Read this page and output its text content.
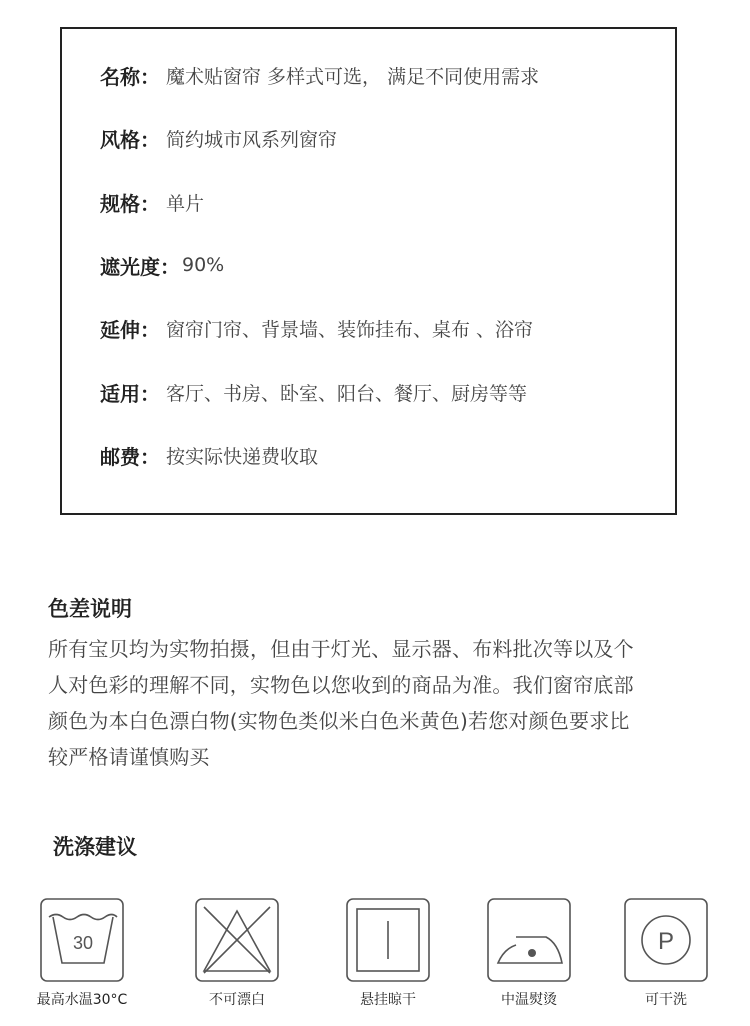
名称： 魔术贴窗帘 多样式可选， 满足不同使用需求
风格： 简约城市风系列窗帘
规格： 单片
遮光度： 90%
延伸： 窗帘门帘、背景墙、装饰挂布、桌布 、浴帘
适用： 客厅、书房、卧室、阳台、餐厅、厨房等等
邮费： 按实际快递费收取
色差说明
所有宝贝均为实物拍摄，但由于灯光、显示器、布料批次等以及个
人对色彩的理解不同，实物色以您收到的商品为准。我们窗帘底部
颜色为本白色漂白物(实物色类似米白色米黄色)若您对颜色要求比
较严格请谨慎购买
洗涤建议
30
最高水温30°C	不可漂白	悬挂晾干	中温熨烫
P
可干洗
